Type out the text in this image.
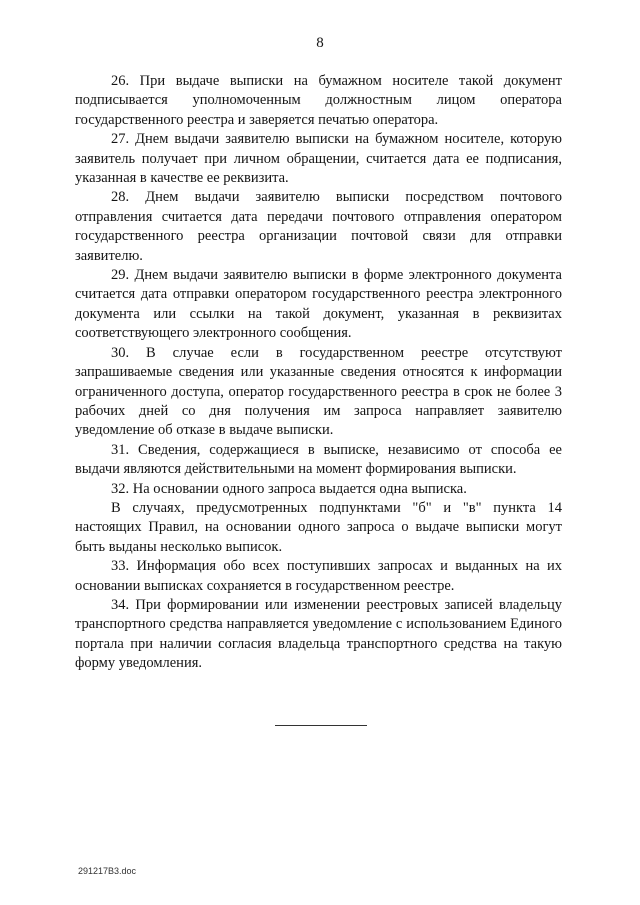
8

26. При выдаче выписки на бумажном носителе такой документ подписывается уполномоченным должностным лицом оператора государственного реестра и заверяется печатью оператора.

27. Днем выдачи заявителю выписки на бумажном носителе, которую заявитель получает при личном обращении, считается дата ее подписания, указанная в качестве ее реквизита.

28. Днем выдачи заявителю выписки посредством почтового отправления считается дата передачи почтового отправления оператором государственного реестра организации почтовой связи для отправки заявителю.

29. Днем выдачи заявителю выписки в форме электронного документа считается дата отправки оператором государственного реестра электронного документа или ссылки на такой документ, указанная в реквизитах соответствующего электронного сообщения.

30. В случае если в государственном реестре отсутствуют запрашиваемые сведения или указанные сведения относятся к информации ограниченного доступа, оператор государственного реестра в срок не более 3 рабочих дней со дня получения им запроса направляет заявителю уведомление об отказе в выдаче выписки.

31. Сведения, содержащиеся в выписке, независимо от способа ее выдачи являются действительными на момент формирования выписки.

32. На основании одного запроса выдается одна выписка.

В случаях, предусмотренных подпунктами "б" и "в" пункта 14 настоящих Правил, на основании одного запроса о выдаче выписки могут быть выданы несколько выписок.

33. Информация обо всех поступивших запросах и выданных на их основании выписках сохраняется в государственном реестре.

34. При формировании или изменении реестровых записей владельцу транспортного средства направляется уведомление с использованием Единого портала при наличии согласия владельца транспортного средства на такую форму уведомления.

291217B3.doc
